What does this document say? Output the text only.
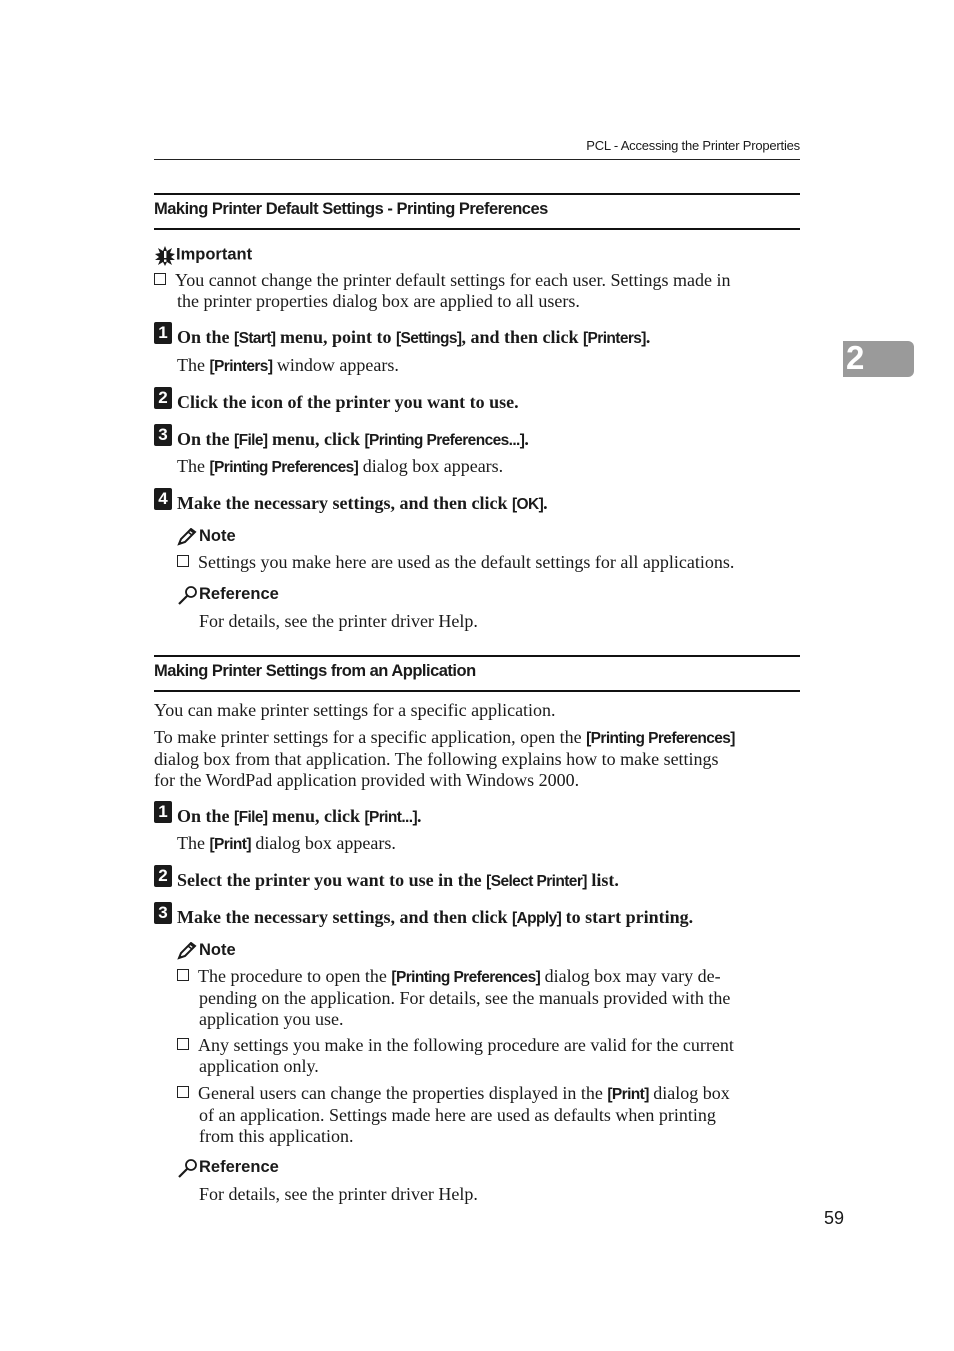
PCL - Accessing the Printer Properties
Making Printer Default Settings - Printing Preferences
Important
You cannot change the printer default settings for each user. Settings made in
the printer properties dialog box are applied to all users.
1 On the [Start] menu, point to [Settings], and then click [Printers].
The [Printers] window appears.
2 Click the icon of the printer you want to use.
3 On the [File] menu, click [Printing Preferences...].
The [Printing Preferences] dialog box appears.
4 Make the necessary settings, and then click [OK].
Note
Settings you make here are used as the default settings for all applications.
Reference
For details, see the printer driver Help.
Making Printer Settings from an Application
You can make printer settings for a specific application.
To make printer settings for a specific application, open the [Printing Preferences]
dialog box from that application. The following explains how to make settings
for the WordPad application provided with Windows 2000.
1 On the [File] menu, click [Print...].
The [Print] dialog box appears.
2 Select the printer you want to use in the [Select Printer] list.
3 Make the necessary settings, and then click [Apply] to start printing.
Note
The procedure to open the [Printing Preferences] dialog box may vary de-
pending on the application. For details, see the manuals provided with the
application you use.
Any settings you make in the following procedure are valid for the current
application only.
General users can change the properties displayed in the [Print] dialog box
of an application. Settings made here are used as defaults when printing
from this application.
Reference
For details, see the printer driver Help.
2
59
